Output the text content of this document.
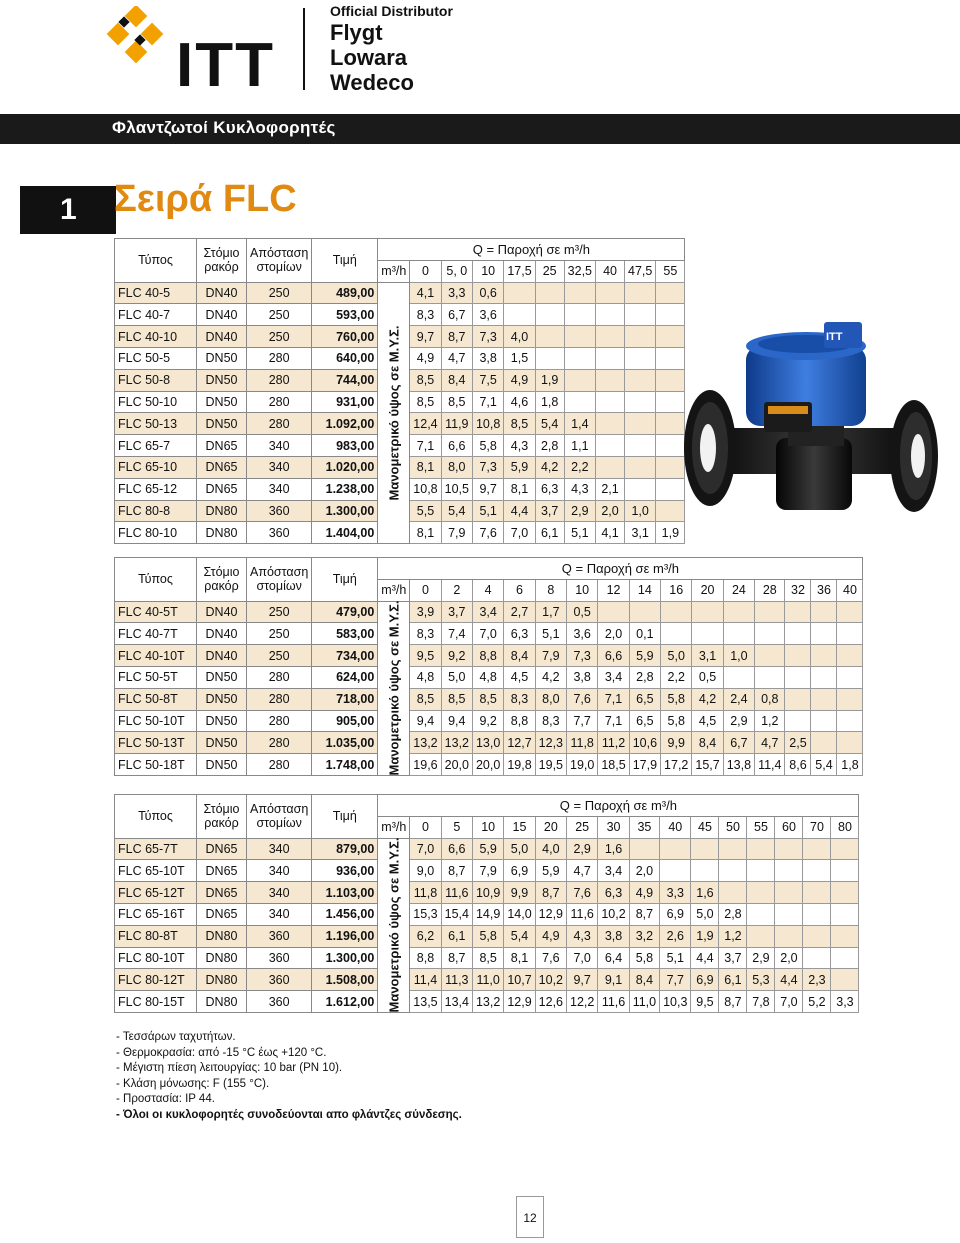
ITT
Official Distributor
Flygt
Lowara
Wedeco
Φλαντζωτοί Κυκλοφορητές
1 Σειρά FLC
Τύπος	Στόμιο ρακόρ	Απόσταση στομίων	Τιμή	Q = Παροχή σε m³/h									
				m³/h	0	5, 0	10	17,5	25	32,5	40	47,5	55
FLC 40-5	DN40	250	489,00	Μανομετρικό ύψος σε Μ.Υ.Σ.	4,1	3,3	0,6						
FLC 40-7	DN40	250	593,00		8,3	6,7	3,6						
FLC 40-10	DN40	250	760,00		9,7	8,7	7,3	4,0					
FLC 50-5	DN50	280	640,00		4,9	4,7	3,8	1,5					
FLC 50-8	DN50	280	744,00		8,5	8,4	7,5	4,9	1,9				
FLC 50-10	DN50	280	931,00		8,5	8,5	7,1	4,6	1,8				
FLC 50-13	DN50	280	1.092,00		12,4	11,9	10,8	8,5	5,4	1,4			
FLC 65-7	DN65	340	983,00		7,1	6,6	5,8	4,3	2,8	1,1			
FLC 65-10	DN65	340	1.020,00		8,1	8,0	7,3	5,9	4,2	2,2			
FLC 65-12	DN65	340	1.238,00		10,8	10,5	9,7	8,1	6,3	4,3	2,1		
FLC 80-8	DN80	360	1.300,00		5,5	5,4	5,1	4,4	3,7	2,9	2,0	1,0	
FLC 80-10	DN80	360	1.404,00		8,1	7,9	7,6	7,0	6,1	5,1	4,1	3,1	1,9
Τύπος	Στόμιο ρακόρ	Απόσταση στομίων	Τιμή	Q = Παροχή σε m³/h															
				m³/h	0	2	4	6	8	10	12	14	16	20	24	28	32	36	40
FLC 40-5T	DN40	250	479,00	Μανομετρικό ύψος σε Μ.Υ.Σ.	3,9	3,7	3,4	2,7	1,7	0,5									
FLC 40-7T	DN40	250	583,00		8,3	7,4	7,0	6,3	5,1	3,6	2,0	0,1							
FLC 40-10T	DN40	250	734,00		9,5	9,2	8,8	8,4	7,9	7,3	6,6	5,9	5,0	3,1	1,0				
FLC 50-5T	DN50	280	624,00		4,8	5,0	4,8	4,5	4,2	3,8	3,4	2,8	2,2	0,5					
FLC 50-8T	DN50	280	718,00		8,5	8,5	8,5	8,3	8,0	7,6	7,1	6,5	5,8	4,2	2,4	0,8			
FLC 50-10T	DN50	280	905,00		9,4	9,4	9,2	8,8	8,3	7,7	7,1	6,5	5,8	4,5	2,9	1,2			
FLC 50-13T	DN50	280	1.035,00		13,2	13,2	13,0	12,7	12,3	11,8	11,2	10,6	9,9	8,4	6,7	4,7	2,5		
FLC 50-18T	DN50	280	1.748,00		19,6	20,0	20,0	19,8	19,5	19,0	18,5	17,9	17,2	15,7	13,8	11,4	8,6	5,4	1,8
Τύπος	Στόμιο ρακόρ	Απόσταση στομίων	Τιμή	Q = Παροχή σε m³/h															
				m³/h	0	5	10	15	20	25	30	35	40	45	50	55	60	70	80
FLC 65-7T	DN65	340	879,00	Μανομετρικό ύψος σε Μ.Υ.Σ.	7,0	6,6	5,9	5,0	4,0	2,9	1,6								
FLC 65-10T	DN65	340	936,00		9,0	8,7	7,9	6,9	5,9	4,7	3,4	2,0							
FLC 65-12T	DN65	340	1.103,00		11,8	11,6	10,9	9,9	8,7	7,6	6,3	4,9	3,3	1,6					
FLC 65-16T	DN65	340	1.456,00		15,3	15,4	14,9	14,0	12,9	11,6	10,2	8,7	6,9	5,0	2,8				
FLC 80-8T	DN80	360	1.196,00		6,2	6,1	5,8	5,4	4,9	4,3	3,8	3,2	2,6	1,9	1,2				
FLC 80-10T	DN80	360	1.300,00		8,8	8,7	8,5	8,1	7,6	7,0	6,4	5,8	5,1	4,4	3,7	2,9	2,0		
FLC 80-12T	DN80	360	1.508,00		11,4	11,3	11,0	10,7	10,2	9,7	9,1	8,4	7,7	6,9	6,1	5,3	4,4	2,3	
FLC 80-15T	DN80	360	1.612,00		13,5	13,4	13,2	12,9	12,6	12,2	11,6	11,0	10,3	9,5	8,7	7,8	7,0	5,2	3,3
ITT
- Τεσσάρων ταχυτήτων.
- Θερμοκρασία: από -15 °C έως +120 °C.
- Μέγιστη πίεση λειτουργίας: 10 bar (PN 10).
- Κλάση μόνωσης: F (155 °C).
- Προστασία: IP 44.
- Όλοι οι κυκλοφορητές συνοδεύονται απο φλάντζες σύνδεσης.
12
